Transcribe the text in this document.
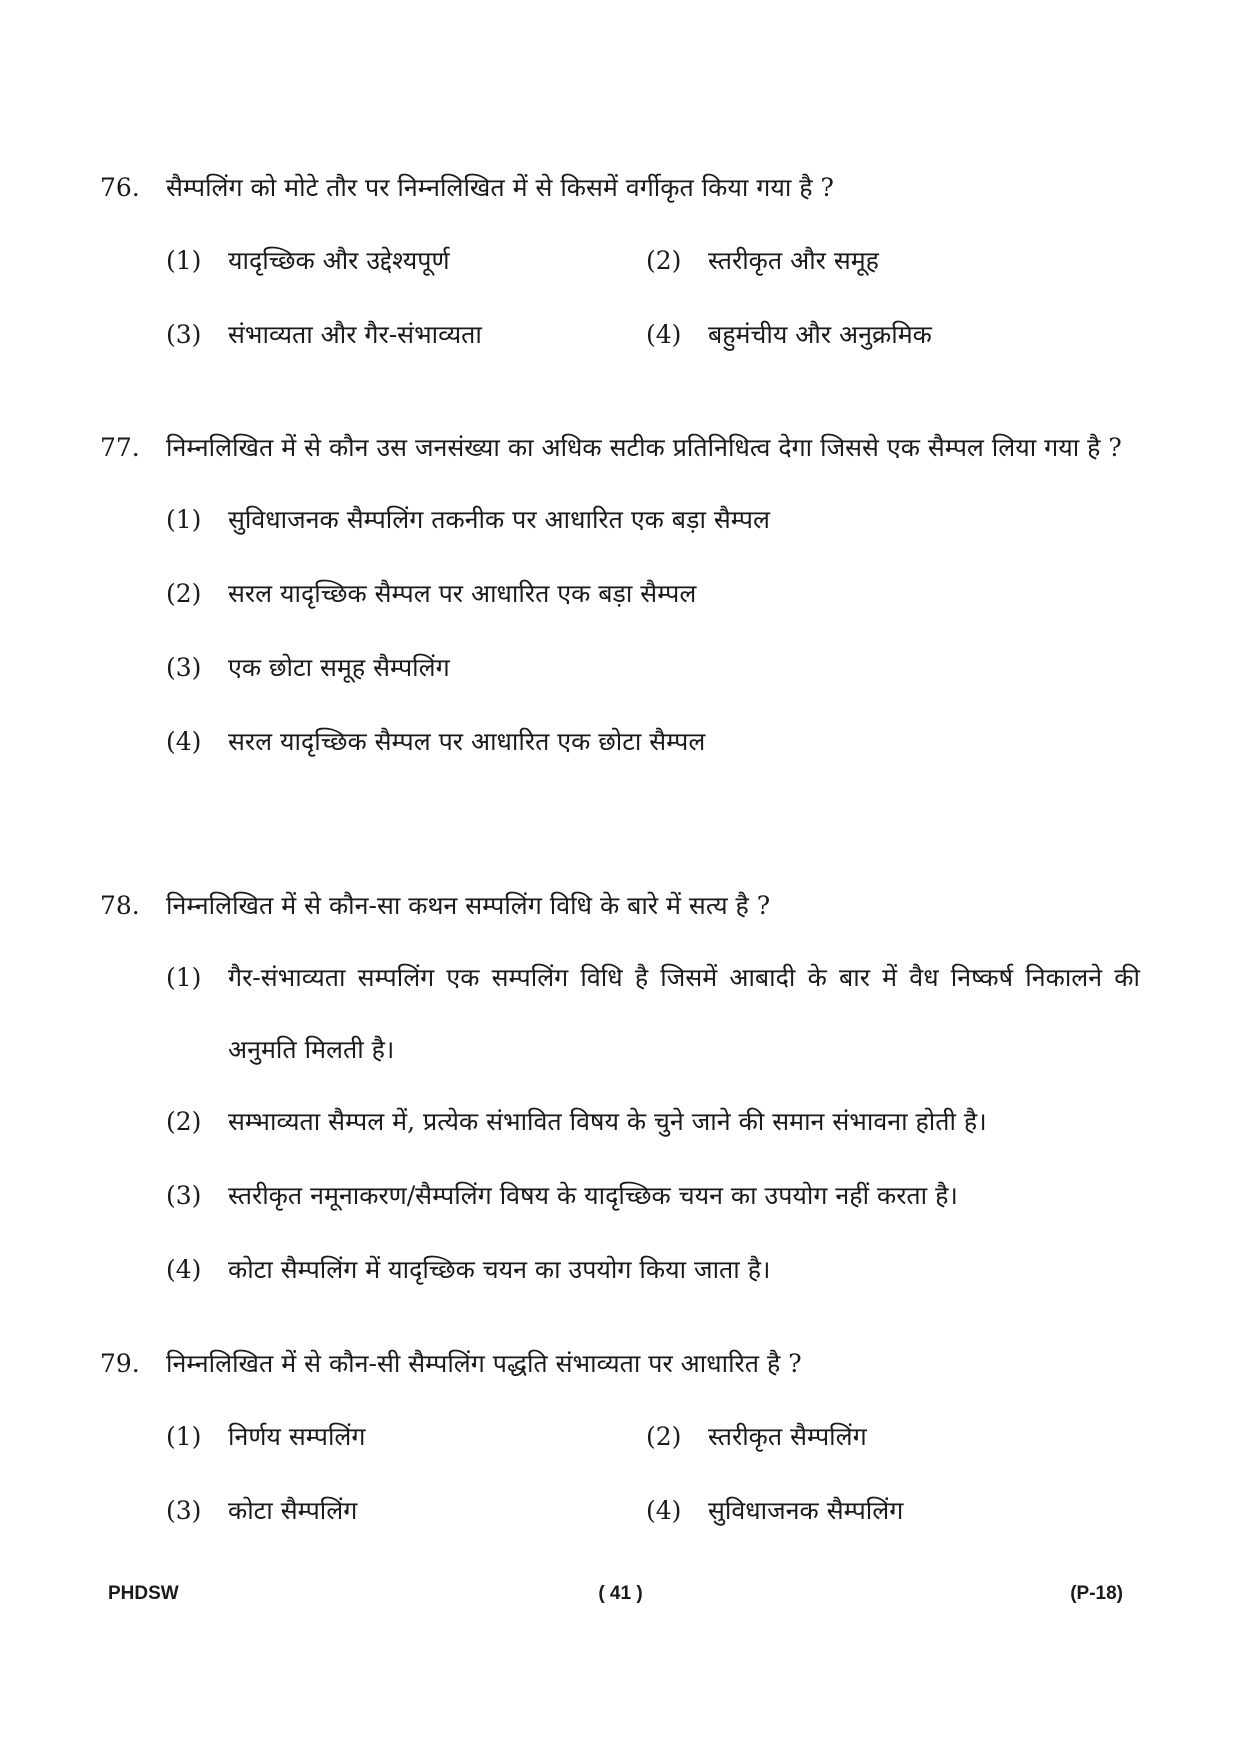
76. सैम्पलिंग को मोटे तौर पर निम्नलिखित में से किसमें वर्गीकृत किया गया है ?
(1)	यादृच्छिक और उद्देश्यपूर्ण	(2)	स्तरीकृत और समूह
(3)	संभाव्यता और गैर-संभाव्यता	(4)	बहुमंचीय और अनुक्रमिक
77. निम्नलिखित में से कौन उस जनसंख्या का अधिक सटीक प्रतिनिधित्व देगा जिससे एक सैम्पल लिया गया है ?
(1)	सुविधाजनक सैम्पलिंग तकनीक पर आधारित एक बड़ा सैम्पल
(2)	सरल यादृच्छिक सैम्पल पर आधारित एक बड़ा सैम्पल
(3)	एक छोटा समूह सैम्पलिंग
(4)	सरल यादृच्छिक सैम्पल पर आधारित एक छोटा सैम्पल
78. निम्नलिखित में से कौन-सा कथन सम्पलिंग विधि के बारे में सत्य है ?
(1)	गैर-संभाव्यता सम्पलिंग एक सम्पलिंग विधि है जिसमें आबादी के बार में वैध निष्कर्ष निकालने की अनुमति मिलती है।
(2)	सम्भाव्यता सैम्पल में, प्रत्येक संभावित विषय के चुने जाने की समान संभावना होती है।
(3)	स्तरीकृत नमूनाकरण/सैम्पलिंग विषय के यादृच्छिक चयन का उपयोग नहीं करता है।
(4)	कोटा सैम्पलिंग में यादृच्छिक चयन का उपयोग किया जाता है।
79. निम्नलिखित में से कौन-सी सैम्पलिंग पद्धति संभाव्यता पर आधारित है ?
(1)	निर्णय सम्पलिंग	(2)	स्तरीकृत सैम्पलिंग
(3)	कोटा सैम्पलिंग	(4)	सुविधाजनक सैम्पलिंग
PHDSW	( 41 )	(P-18)
